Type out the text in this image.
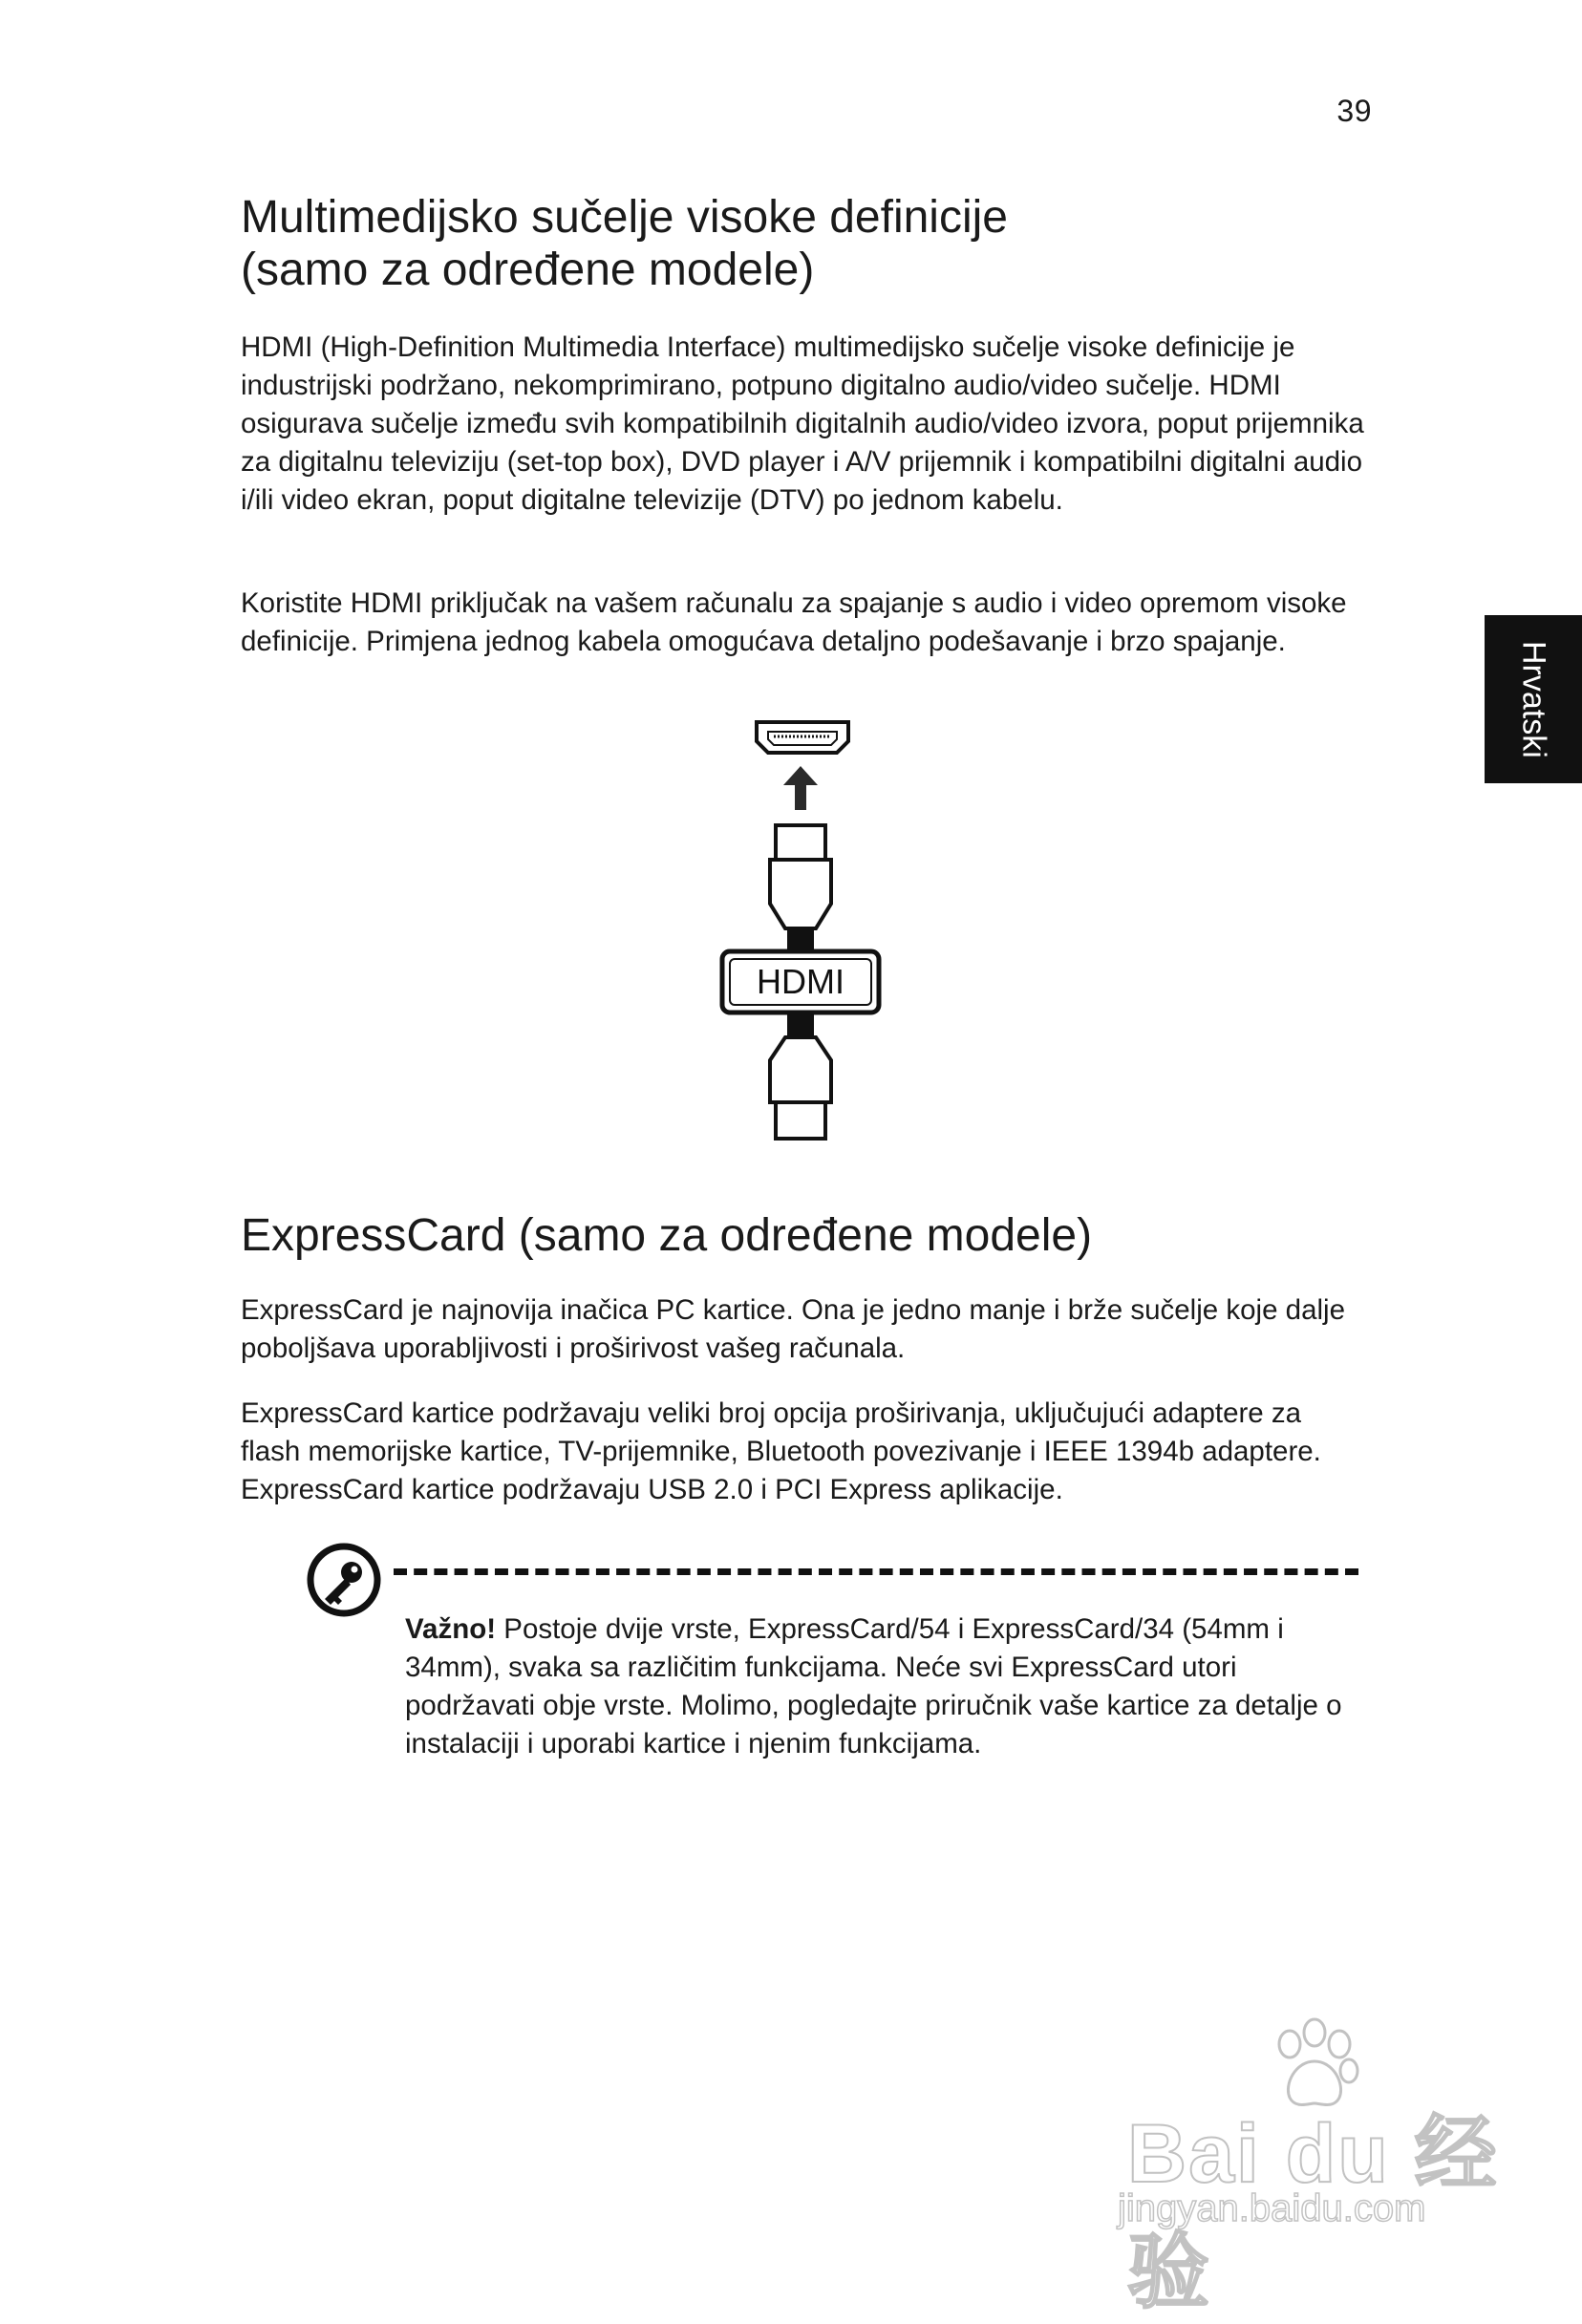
39
Hrvatski
Multimedijsko sučelje visoke definicije
(samo za određene modele)

HDMI (High-Definition Multimedia Interface) multimedijsko sučelje visoke definicije je industrijski podržano, nekomprimirano, potpuno digitalno audio/video sučelje. HDMI osigurava sučelje između svih kompatibilnih digitalnih audio/video izvora, poput prijemnika za digitalnu televiziju (set-top box), DVD player i A/V prijemnik i kompatibilni digitalni audio i/ili video ekran, poput digitalne televizije (DTV) po jednom kabelu.

Koristite HDMI priključak na vašem računalu za spajanje s audio i video opremom visoke definicije. Primjena jednog kabela omogućava detaljno podešavanje i brzo spajanje.

HDMI
ExpressCard (samo za određene modele)

ExpressCard je najnovija inačica PC kartice. Ona je jedno manje i brže sučelje koje dalje poboljšava uporabljivosti i proširivost vašeg računala.

ExpressCard kartice podržavaju veliki broj opcija proširivanja, uključujući adaptere za flash memorijske kartice, TV-prijemnike, Bluetooth povezivanje i IEEE 1394b adaptere. ExpressCard kartice podržavaju USB 2.0 i PCI Express aplikacije.

Važno! Postoje dvije vrste, ExpressCard/54 i ExpressCard/34 (54mm i 34mm), svaka sa različitim funkcijama. Neće svi ExpressCard utori podržavati obje vrste. Molimo, pogledajte priručnik vaše kartice za detalje o instalaciji i uporabi kartice i njenim funkcijama.

Bai du 经验
jingyan.baidu.com
